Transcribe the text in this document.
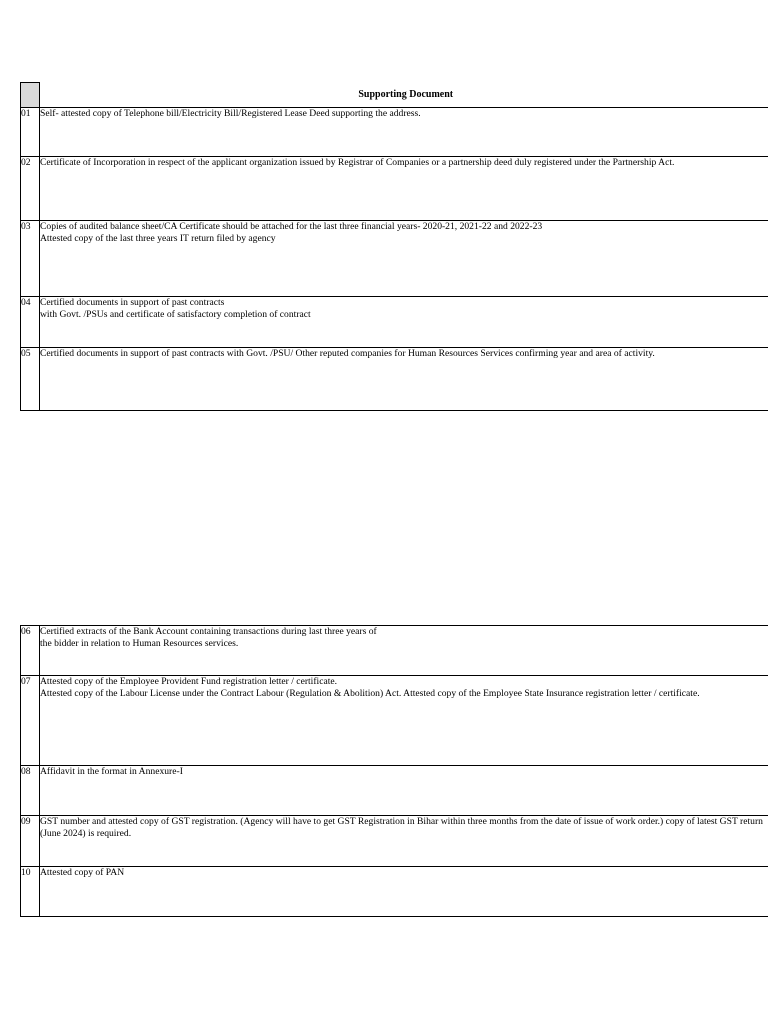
	Supporting Document
01	Self- attested copy of Telephone bill/Electricity Bill/Registered Lease Deed supporting the address.
02	Certificate of Incorporation in respect of the applicant organization issued by Registrar of Companies or a partnership deed duly registered under the Partnership Act.
03	Copies of audited balance sheet/CA Certificate should be attached for the last three financial years- 2020-21, 2021-22 and 2022-23
Attested copy of the last three years IT return filed by agency
04	Certified documents in support of past contracts
with Govt. /PSUs and certificate of satisfactory completion of contract
05	Certified documents in support of past contracts with Govt. /PSU/ Other reputed companies for Human Resources Services confirming year and area of activity.
06	Certified extracts of the Bank Account containing transactions during last three years of
the bidder in relation to Human Resources services.
07	Attested copy of the Employee Provident Fund registration letter / certificate.
Attested copy of the Labour License under the Contract Labour (Regulation & Abolition) Act. Attested copy of the Employee State Insurance registration letter / certificate.
08	Affidavit in the format in Annexure-I
09	GST number and attested copy of GST registration. (Agency will have to get GST Registration in Bihar within three months from the date of issue of work order.) copy of latest GST return (June 2024) is required.
10	Attested copy of PAN
